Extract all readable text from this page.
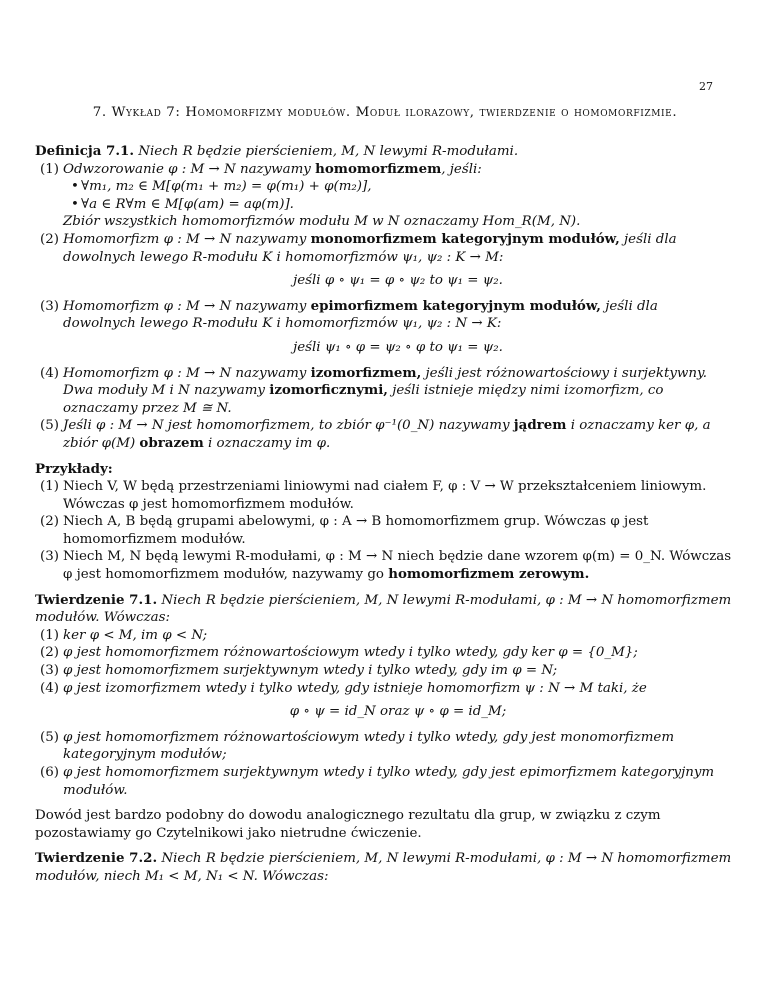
27
7. Wykład 7: Homomorfizmy modułów. Moduł ilorazowy, twierdzenie o homomorfizmie.
Definicja 7.1. Niech R będzie pierścieniem, M, N lewymi R-modułami.
(1) Odwzorowanie φ : M → N nazywamy homomorfizmem, jeśli:
• ∀m₁, m₂ ∈ M[φ(m₁ + m₂) = φ(m₁) + φ(m₂)],
• ∀a ∈ R∀m ∈ M[φ(am) = aφ(m)].
Zbiór wszystkich homomorfizmów modułu M w N oznaczamy Hom_R(M, N).
(2) Homomorfizm φ : M → N nazywamy monomorfizmem kategoryjnym modułów, jeśli dla dowolnych lewego R-modułu K i homomorfizmów ψ₁, ψ₂ : K → M:
jeśli φ ∘ ψ₁ = φ ∘ ψ₂ to ψ₁ = ψ₂.
(3) Homomorfizm φ : M → N nazywamy epimorfizmem kategoryjnym modułów, jeśli dla dowolnych lewego R-modułu K i homomorfizmów ψ₁, ψ₂ : N → K:
jeśli ψ₁ ∘ φ = ψ₂ ∘ φ to ψ₁ = ψ₂.
(4) Homomorfizm φ : M → N nazywamy izomorfizmem, jeśli jest różnowartościowy i surjektywny. Dwa moduły M i N nazywamy izomorficznymi, jeśli istnieje między nimi izomorfizm, co oznaczamy przez M ≅ N.
(5) Jeśli φ : M → N jest homomorfizmem, to zbiór φ⁻¹(0_N) nazywamy jądrem i oznaczamy ker φ, a zbiór φ(M) obrazem i oznaczamy im φ.
Przykłady:
(1) Niech V, W będą przestrzeniami liniowymi nad ciałem F, φ : V → W przekształceniem liniowym. Wówczas φ jest homomorfizmem modułów.
(2) Niech A, B będą grupami abelowymi, φ : A → B homomorfizmem grup. Wówczas φ jest homomorfizmem modułów.
(3) Niech M, N będą lewymi R-modułami, φ : M → N niech będzie dane wzorem φ(m) = 0_N. Wówczas φ jest homomorfizmem modułów, nazywamy go homomorfizmem zerowym.
Twierdzenie 7.1. Niech R będzie pierścieniem, M, N lewymi R-modułami, φ : M → N homomorfizmem modułów. Wówczas:
(1) ker φ < M, im φ < N;
(2) φ jest homomorfizmem różnowartościowym wtedy i tylko wtedy, gdy ker φ = {0_M};
(3) φ jest homomorfizmem surjektywnym wtedy i tylko wtedy, gdy im φ = N;
(4) φ jest izomorfizmem wtedy i tylko wtedy, gdy istnieje homomorfizm ψ : N → M taki, że
φ ∘ ψ = id_N oraz ψ ∘ φ = id_M;
(5) φ jest homomorfizmem różnowartościowym wtedy i tylko wtedy, gdy jest monomorfizmem kategoryjnym modułów;
(6) φ jest homomorfizmem surjektywnym wtedy i tylko wtedy, gdy jest epimorfizmem kategoryjnym modułów.
Dowód jest bardzo podobny do dowodu analogicznego rezultatu dla grup, w związku z czym pozostawiamy go Czytelnikowi jako nietrudne ćwiczenie.
Twierdzenie 7.2. Niech R będzie pierścieniem, M, N lewymi R-modułami, φ : M → N homomorfizmem modułów, niech M₁ < M, N₁ < N. Wówczas:
